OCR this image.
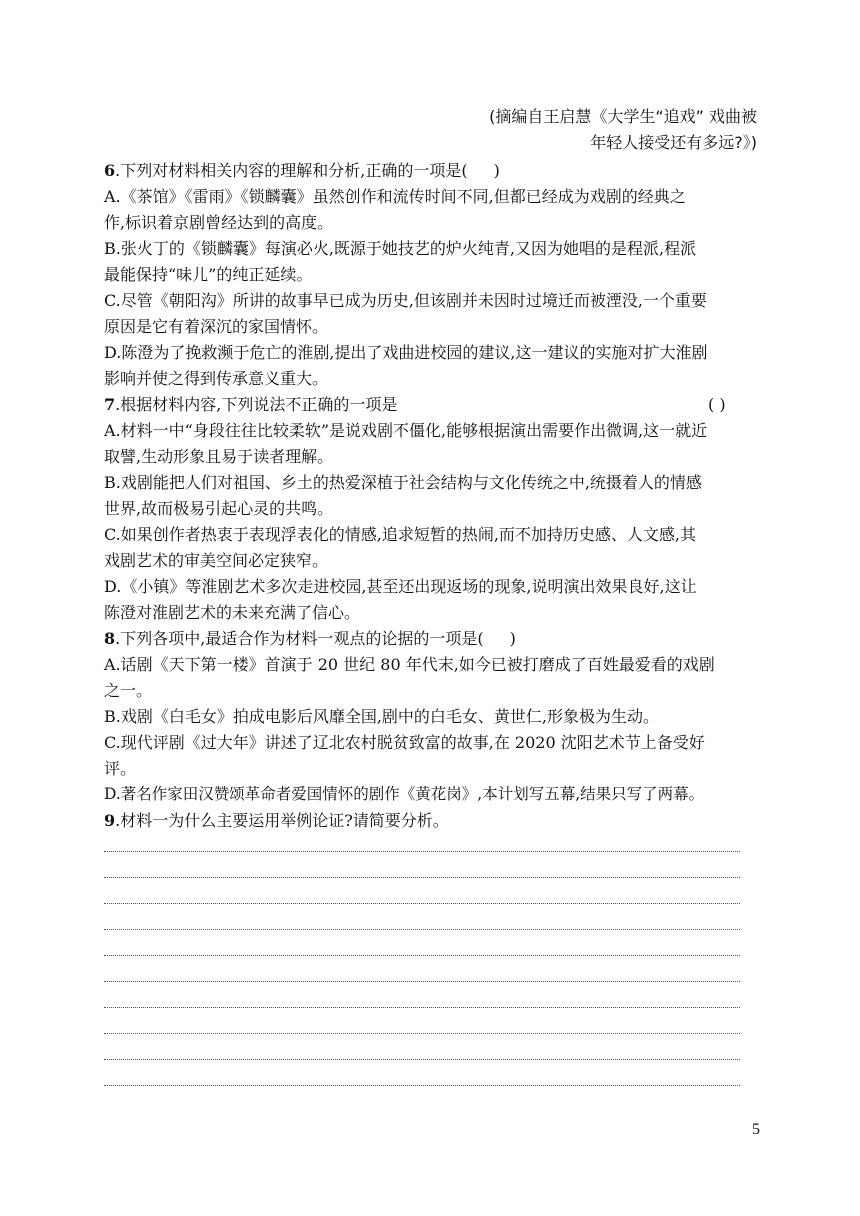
(摘编自王启慧《大学生“追戏” 戏曲被
年轻人接受还有多远?》)
6.下列对材料相关内容的理解和分析,正确的一项是( )
A.《茶馆》《雷雨》《锁麟囊》虽然创作和流传时间不同,但都已经成为戏剧的经典之
作,标识着京剧曾经达到的高度。
B.张火丁的《锁麟囊》每演必火,既源于她技艺的炉火纯青,又因为她唱的是程派,程派
最能保持“味儿”的纯正延续。
C.尽管《朝阳沟》所讲的故事早已成为历史,但该剧并未因时过境迁而被湮没,一个重要
原因是它有着深沉的家国情怀。
D.陈澄为了挽救濒于危亡的淮剧,提出了戏曲进校园的建议,这一建议的实施对扩大淮剧
影响并使之得到传承意义重大。
7.根据材料内容,下列说法不正确的一项是	( )
A.材料一中“身段往往比较柔软”是说戏剧不僵化,能够根据演出需要作出微调,这一就近
取譬,生动形象且易于读者理解。
B.戏剧能把人们对祖国、乡土的热爱深植于社会结构与文化传统之中,统摄着人的情感
世界,故而极易引起心灵的共鸣。
C.如果创作者热衷于表现浮表化的情感,追求短暂的热闹,而不加持历史感、人文感,其
戏剧艺术的审美空间必定狭窄。
D.《小镇》等淮剧艺术多次走进校园,甚至还出现返场的现象,说明演出效果良好,这让
陈澄对淮剧艺术的未来充满了信心。
8.下列各项中,最适合作为材料一观点的论据的一项是( )
A.话剧《天下第一楼》首演于 20 世纪 80 年代末,如今已被打磨成了百姓最爱看的戏剧
之一。
B.戏剧《白毛女》拍成电影后风靡全国,剧中的白毛女、黄世仁,形象极为生动。
C.现代评剧《过大年》讲述了辽北农村脱贫致富的故事,在 2020 沈阳艺术节上备受好
评。
D.著名作家田汉赞颂革命者爱国情怀的剧作《黄花岗》,本计划写五幕,结果只写了两幕。
9.材料一为什么主要运用举例论证?请简要分析。
5
